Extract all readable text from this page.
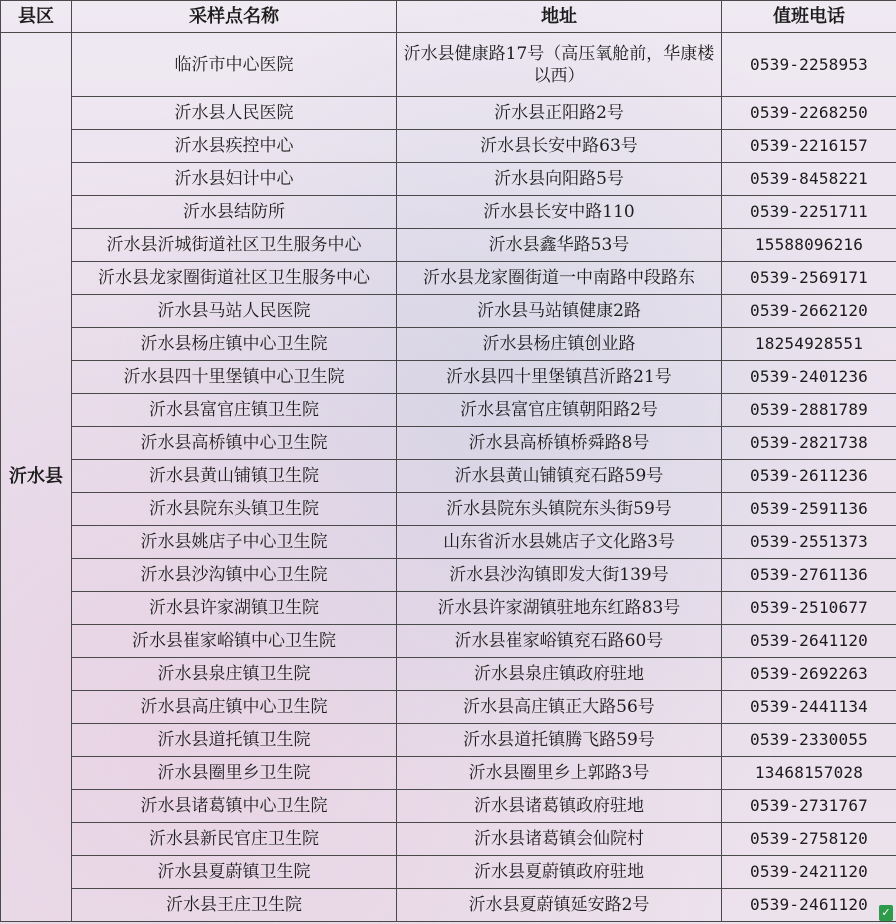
县区	采样点名称	地址	值班电话
沂水县	临沂市中心医院	沂水县健康路17号（高压氧舱前，华康楼以西）	0539-2258953
	沂水县人民医院	沂水县正阳路2号	0539-2268250
	沂水县疾控中心	沂水县长安中路63号	0539-2216157
	沂水县妇计中心	沂水县向阳路5号	0539-8458221
	沂水县结防所	沂水县长安中路110	0539-2251711
	沂水县沂城街道社区卫生服务中心	沂水县鑫华路53号	15588096216
	沂水县龙家圈街道社区卫生服务中心	沂水县龙家圈街道一中南路中段路东	0539-2569171
	沂水县马站人民医院	沂水县马站镇健康2路	0539-2662120
	沂水县杨庄镇中心卫生院	沂水县杨庄镇创业路	18254928551
	沂水县四十里堡镇中心卫生院	沂水县四十里堡镇莒沂路21号	0539-2401236
	沂水县富官庄镇卫生院	沂水县富官庄镇朝阳路2号	0539-2881789
	沂水县高桥镇中心卫生院	沂水县高桥镇桥舜路8号	0539-2821738
	沂水县黄山铺镇卫生院	沂水县黄山铺镇兖石路59号	0539-2611236
	沂水县院东头镇卫生院	沂水县院东头镇院东头街59号	0539-2591136
	沂水县姚店子中心卫生院	山东省沂水县姚店子文化路3号	0539-2551373
	沂水县沙沟镇中心卫生院	沂水县沙沟镇即发大街139号	0539-2761136
	沂水县许家湖镇卫生院	沂水县许家湖镇驻地东红路83号	0539-2510677
	沂水县崔家峪镇中心卫生院	沂水县崔家峪镇兖石路60号	0539-2641120
	沂水县泉庄镇卫生院	沂水县泉庄镇政府驻地	0539-2692263
	沂水县高庄镇中心卫生院	沂水县高庄镇正大路56号	0539-2441134
	沂水县道托镇卫生院	沂水县道托镇腾飞路59号	0539-2330055
	沂水县圈里乡卫生院	沂水县圈里乡上郭路3号	13468157028
	沂水县诸葛镇中心卫生院	沂水县诸葛镇政府驻地	0539-2731767
	沂水县新民官庄卫生院	沂水县诸葛镇会仙院村	0539-2758120
	沂水县夏蔚镇卫生院	沂水县夏蔚镇政府驻地	0539-2421120
	沂水县王庄卫生院	沂水县夏蔚镇延安路2号	0539-2461120 ✓
